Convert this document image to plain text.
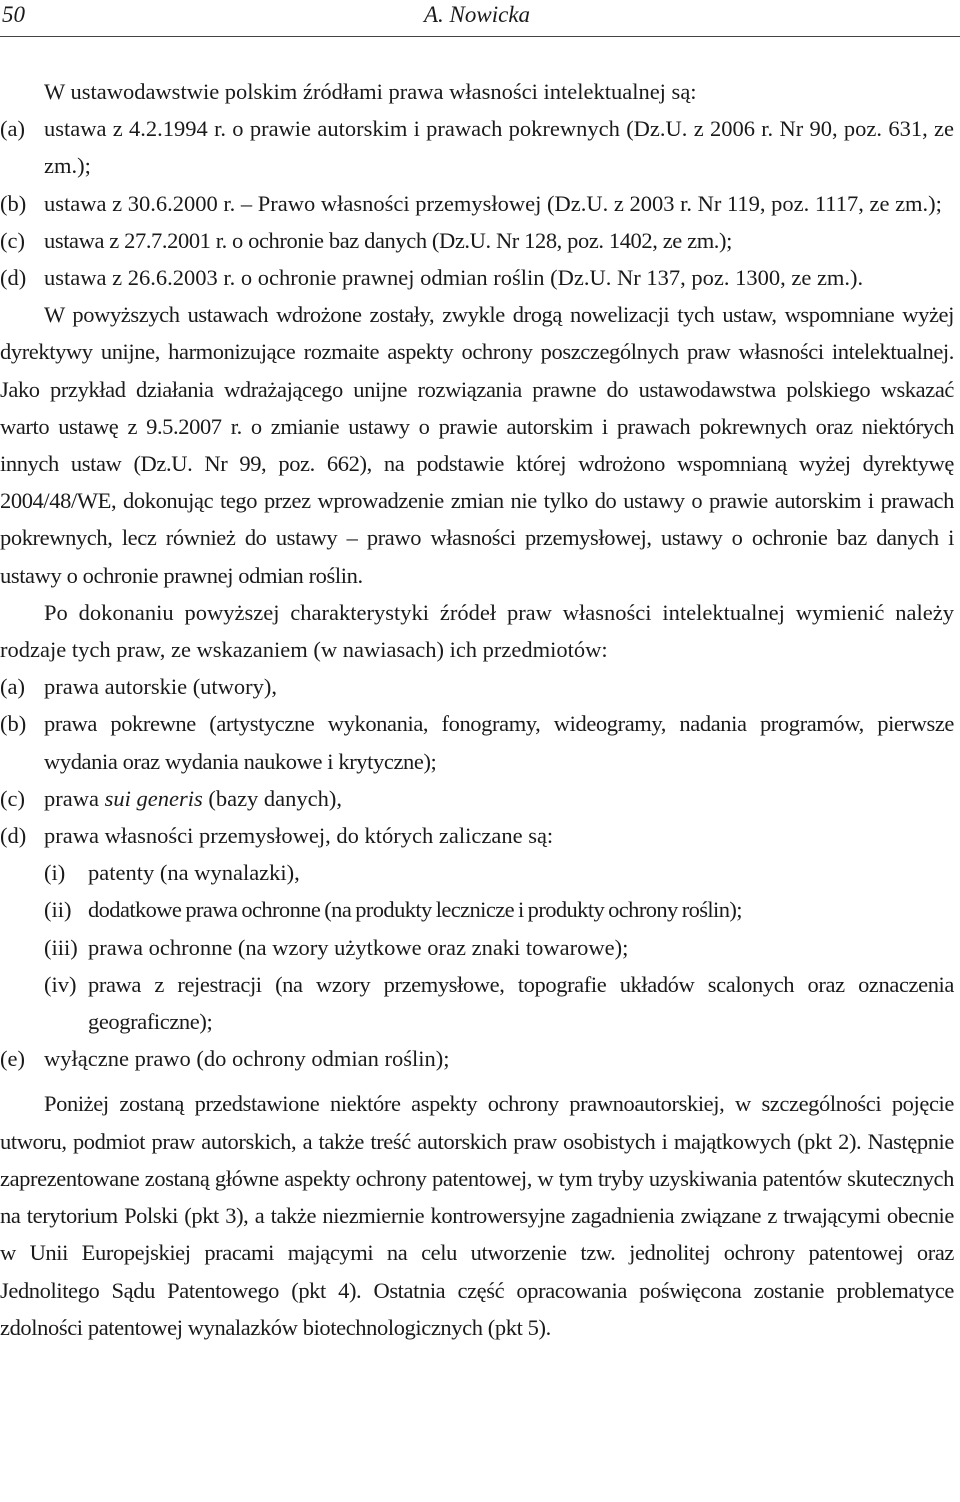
50	A. Nowicka

W ustawodawstwie polskim źródłami prawa własności intelektualnej są:

(a) ustawa z 4.2.1994 r. o prawie autorskim i prawach pokrewnych (Dz.U. z 2006 r. Nr 90, poz. 631, ze zm.);

(b) ustawa z 30.6.2000 r. – Prawo własności przemysłowej (Dz.U. z 2003 r. Nr 119, poz. 1117, ze zm.);

(c) ustawa z 27.7.2001 r. o ochronie baz danych (Dz.U. Nr 128, poz. 1402, ze zm.);

(d) ustawa z 26.6.2003 r. o ochronie prawnej odmian roślin (Dz.U. Nr 137, poz. 1300, ze zm.).

W powyższych ustawach wdrożone zostały, zwykle drogą nowelizacji tych ustaw, wspomniane wyżej dyrektywy unijne, harmonizujące rozmaite aspekty ochrony poszczególnych praw własności intelektualnej. Jako przykład działania wdrażającego unijne rozwiązania prawne do ustawodawstwa polskiego wskazać warto ustawę z 9.5.2007 r. o zmianie ustawy o prawie autorskim i prawach pokrewnych oraz niektórych innych ustaw (Dz.U. Nr 99, poz. 662), na podstawie której wdrożono wspomnianą wyżej dyrektywę 2004/48/WE, dokonując tego przez wprowadzenie zmian nie tylko do ustawy o prawie autorskim i prawach pokrewnych, lecz również do ustawy – prawo własności przemysłowej, ustawy o ochronie baz danych i ustawy o ochronie prawnej odmian roślin.

Po dokonaniu powyższej charakterystyki źródeł praw własności intelektualnej wymienić należy rodzaje tych praw, ze wskazaniem (w nawiasach) ich przedmiotów:

(a) prawa autorskie (utwory),

(b) prawa pokrewne (artystyczne wykonania, fonogramy, wideogramy, nadania programów, pierwsze wydania oraz wydania naukowe i krytyczne);

(c) prawa sui generis (bazy danych),

(d) prawa własności przemysłowej, do których zaliczane są:

(i) patenty (na wynalazki),

(ii) dodatkowe prawa ochronne (na produkty lecznicze i produkty ochrony roślin);

(iii) prawa ochronne (na wzory użytkowe oraz znaki towarowe);

(iv) prawa z rejestracji (na wzory przemysłowe, topografie układów scalonych oraz oznaczenia geograficzne);

(e) wyłączne prawo (do ochrony odmian roślin);

Poniżej zostaną przedstawione niektóre aspekty ochrony prawnoautorskiej, w szczególności pojęcie utworu, podmiot praw autorskich, a także treść autorskich praw osobistych i majątkowych (pkt 2). Następnie zaprezentowane zostaną główne aspekty ochrony patentowej, w tym tryby uzyskiwania patentów skutecznych na terytorium Polski (pkt 3), a także niezmiernie kontrowersyjne zagadnienia związane z trwającymi obecnie w Unii Europejskiej pracami mającymi na celu utworzenie tzw. jednolitej ochrony patentowej oraz Jednolitego Sądu Patentowego (pkt 4). Ostatnia część opracowania poświęcona zostanie problematyce zdolności patentowej wynalazków biotechnologicznych (pkt 5).
